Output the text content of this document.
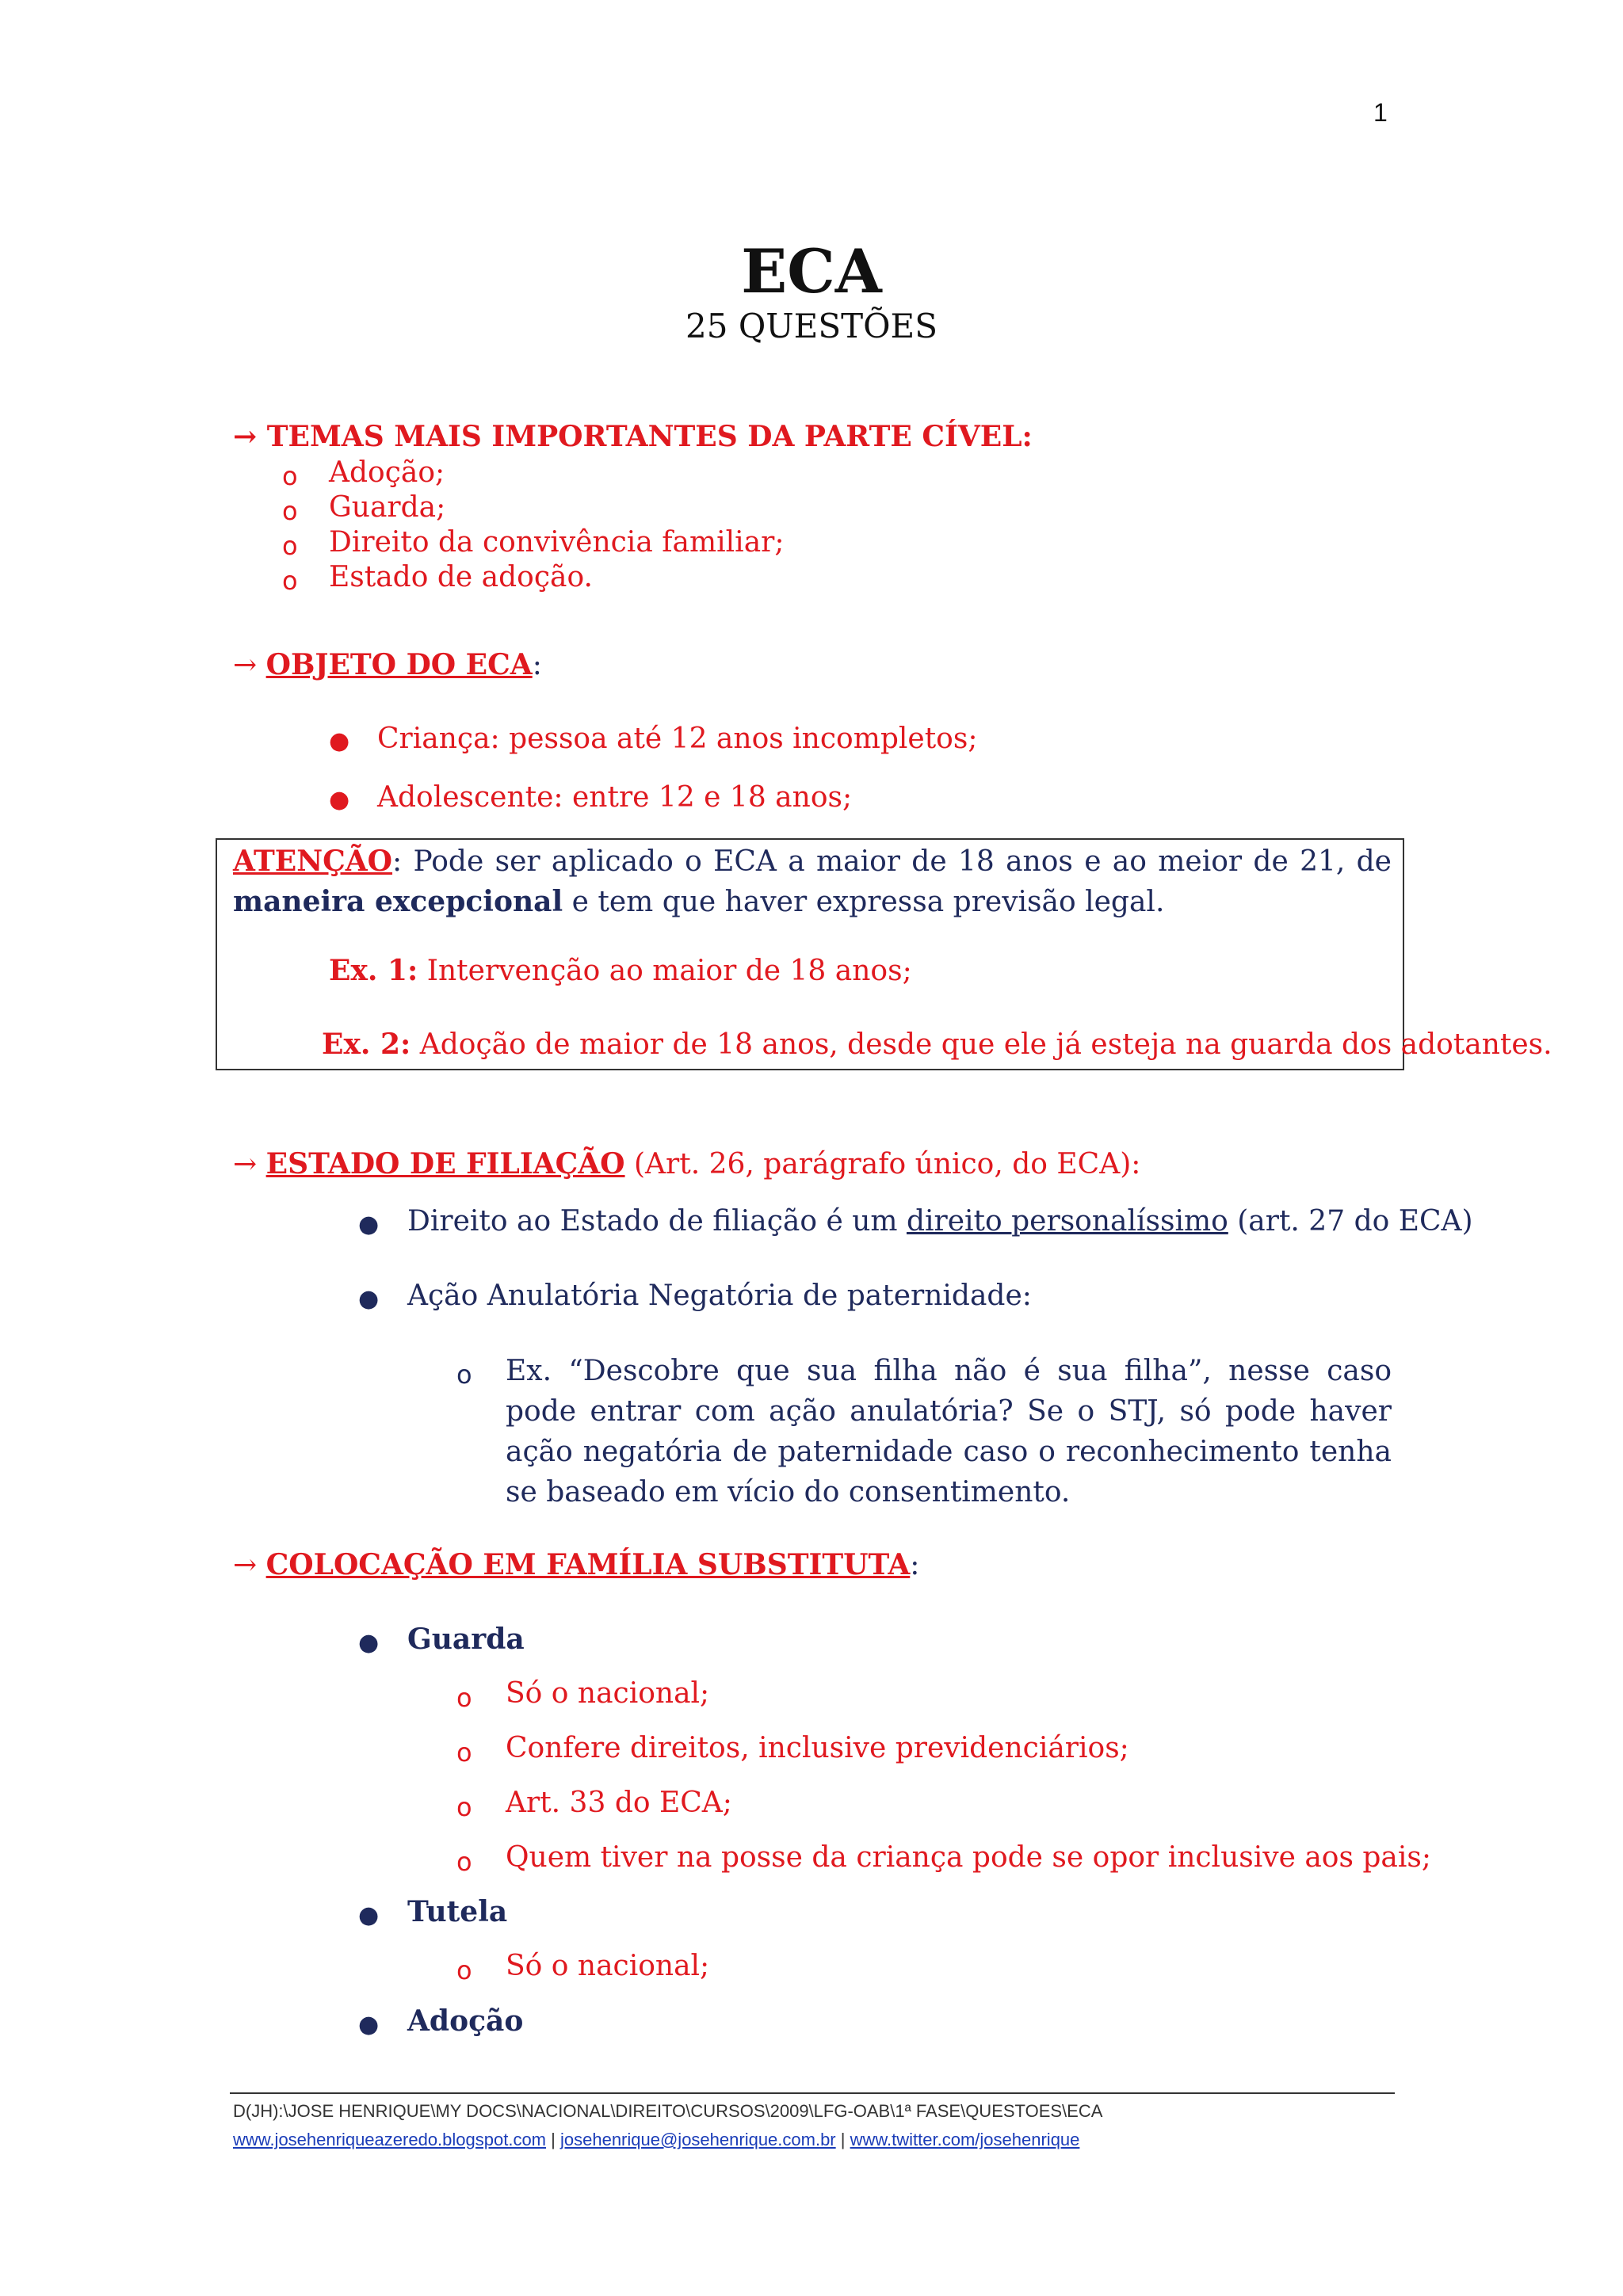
1
ECA
25 QUESTÕES
→ TEMAS MAIS IMPORTANTES DA PARTE CÍVEL:
o Adoção;
o Guarda;
o Direito da convivência familiar;
o Estado de adoção.
→ OBJETO DO ECA:
● Criança: pessoa até 12 anos incompletos;
● Adolescente: entre 12 e 18 anos;
ATENÇÃO: Pode ser aplicado o ECA a maior de 18 anos e ao meior de 21, de maneira excepcional e tem que haver expressa previsão legal.
Ex. 1: Intervenção ao maior de 18 anos;
Ex. 2: Adoção de maior de 18 anos, desde que ele já esteja na guarda dos adotantes.
→ ESTADO DE FILIAÇÃO (Art. 26, parágrafo único, do ECA):
● Direito ao Estado de filiação é um direito personalíssimo (art. 27 do ECA)
● Ação Anulatória Negatória de paternidade:
o Ex. “Descobre que sua filha não é sua filha”, nesse caso pode entrar com ação anulatória? Se o STJ, só pode haver ação negatória de paternidade caso o reconhecimento tenha se baseado em vício do consentimento.
→ COLOCAÇÃO EM FAMÍLIA SUBSTITUTA:
● Guarda
o Só o nacional;
o Confere direitos, inclusive previdenciários;
o Art. 33 do ECA;
o Quem tiver na posse da criança pode se opor inclusive aos pais;
● Tutela
o Só o nacional;
● Adoção
D(JH):\JOSE HENRIQUE\MY DOCS\NACIONAL\DIREITO\CURSOS\2009\LFG-OAB\1ª FASE\QUESTOES\ECA
www.josehenriqueazeredo.blogspot.com | josehenrique@josehenrique.com.br | www.twitter.com/josehenrique
